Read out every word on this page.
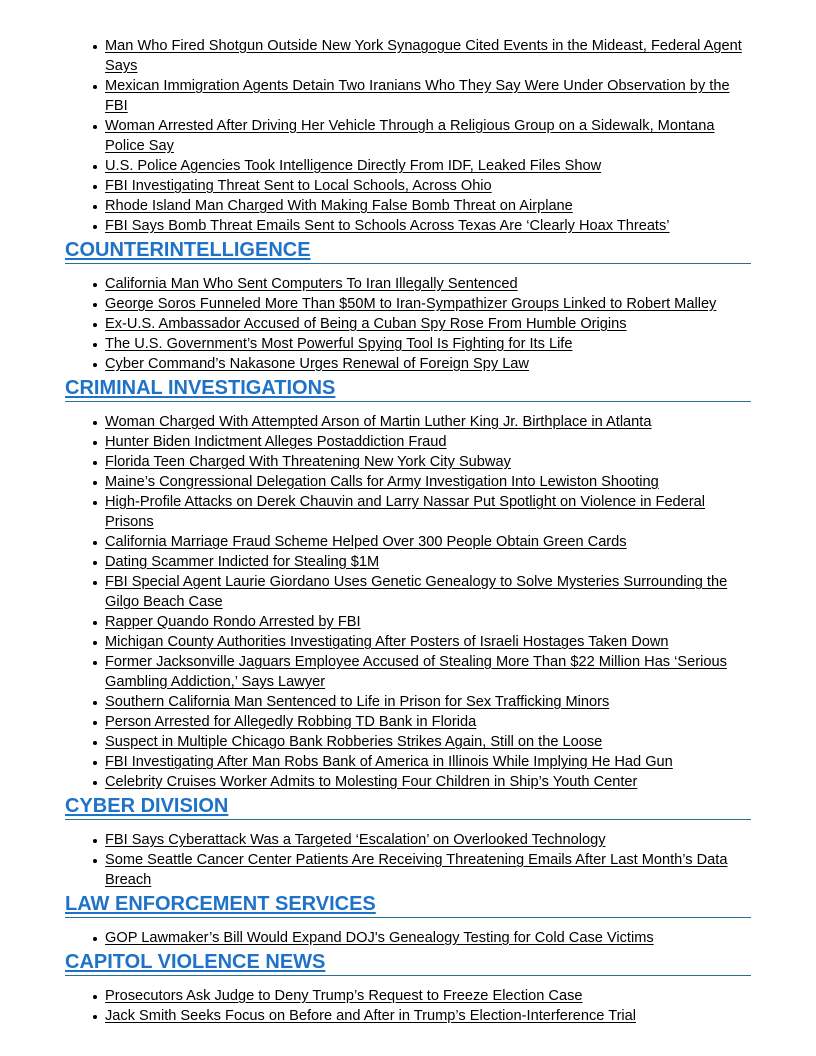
Man Who Fired Shotgun Outside New York Synagogue Cited Events in the Mideast, Federal Agent Says
Mexican Immigration Agents Detain Two Iranians Who They Say Were Under Observation by the FBI
Woman Arrested After Driving Her Vehicle Through a Religious Group on a Sidewalk, Montana Police Say
U.S. Police Agencies Took Intelligence Directly From IDF, Leaked Files Show
FBI Investigating Threat Sent to Local Schools, Across Ohio
Rhode Island Man Charged With Making False Bomb Threat on Airplane
FBI Says Bomb Threat Emails Sent to Schools Across Texas Are ‘Clearly Hoax Threats’
COUNTERINTELLIGENCE
California Man Who Sent Computers To Iran Illegally Sentenced
George Soros Funneled More Than $50M to Iran-Sympathizer Groups Linked to Robert Malley
Ex-U.S. Ambassador Accused of Being a Cuban Spy Rose From Humble Origins
The U.S. Government’s Most Powerful Spying Tool Is Fighting for Its Life
Cyber Command’s Nakasone Urges Renewal of Foreign Spy Law
CRIMINAL INVESTIGATIONS
Woman Charged With Attempted Arson of Martin Luther King Jr. Birthplace in Atlanta
Hunter Biden Indictment Alleges Postaddiction Fraud
Florida Teen Charged With Threatening New York City Subway
Maine’s Congressional Delegation Calls for Army Investigation Into Lewiston Shooting
High-Profile Attacks on Derek Chauvin and Larry Nassar Put Spotlight on Violence in Federal Prisons
California Marriage Fraud Scheme Helped Over 300 People Obtain Green Cards
Dating Scammer Indicted for Stealing $1M
FBI Special Agent Laurie Giordano Uses Genetic Genealogy to Solve Mysteries Surrounding the Gilgo Beach Case
Rapper Quando Rondo Arrested by FBI
Michigan County Authorities Investigating After Posters of Israeli Hostages Taken Down
Former Jacksonville Jaguars Employee Accused of Stealing More Than $22 Million Has ‘Serious Gambling Addiction,’ Says Lawyer
Southern California Man Sentenced to Life in Prison for Sex Trafficking Minors
Person Arrested for Allegedly Robbing TD Bank in Florida
Suspect in Multiple Chicago Bank Robberies Strikes Again, Still on the Loose
FBI Investigating After Man Robs Bank of America in Illinois While Implying He Had Gun
Celebrity Cruises Worker Admits to Molesting Four Children in Ship’s Youth Center
CYBER DIVISION
FBI Says Cyberattack Was a Targeted ‘Escalation’ on Overlooked Technology
Some Seattle Cancer Center Patients Are Receiving Threatening Emails After Last Month’s Data Breach
LAW ENFORCEMENT SERVICES
GOP Lawmaker’s Bill Would Expand DOJ's Genealogy Testing for Cold Case Victims
CAPITOL VIOLENCE NEWS
Prosecutors Ask Judge to Deny Trump’s Request to Freeze Election Case
Jack Smith Seeks Focus on Before and After in Trump’s Election-Interference Trial
